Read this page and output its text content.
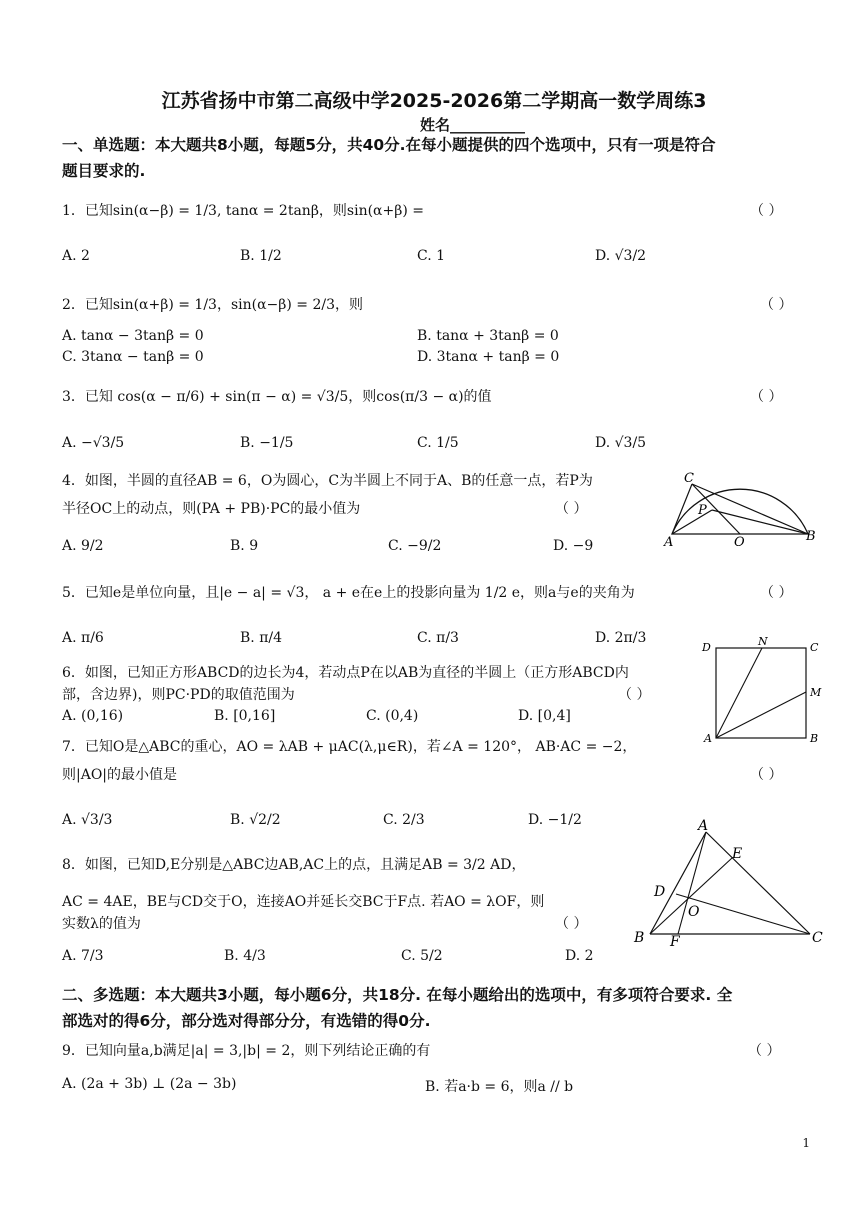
江苏省扬中市第二高级中学2025-2026第二学期高一数学周练3
姓名__________
一、单选题：本大题共8小题，每题5分，共40分.在每小题提供的四个选项中，只有一项是符合
题目要求的.
1．已知sin(α−β) = 1/3, tanα = 2tanβ，则sin(α+β) =	（ ）
A. 2	B. 1/2	C. 1	D. √3/2
2．已知sin(α+β) = 1/3，sin(α−β) = 2/3，则	（ ）
A. tanα − 3tanβ = 0	B. tanα + 3tanβ = 0
C. 3tanα − tanβ = 0	D. 3tanα + tanβ = 0
3．已知 cos(α − π/6) + sin(π − α) = √3/5，则cos(π/3 − α)的值	（ ）
A. −√3/5	B. −1/5	C. 1/5	D. √3/5
4．如图，半圆的直径AB = 6，O为圆心，C为半圆上不同于A、B的任意一点，若P为
半径OC上的动点，则(PA + PB)·PC的最小值为	（ ）
A. 9/2	B. 9	C. −9/2	D. −9
C
P
A	O	B
5．已知e是单位向量，且|e − a| = √3， a + e在e上的投影向量为 1/2 e，则a与e的夹角为	（ ）
A. π/6	B. π/4	C. π/3	D. 2π/3
6．如图，已知正方形ABCD的边长为4，若动点P在以AB为直径的半圆上（正方形ABCD内
部，含边界)，则PC·PD的取值范围为	（ ）
A. (0,16)	B. [0,16]	C. (0,4)	D. [0,4]
D	N	C
M
A	B
7．已知O是△ABC的重心，AO = λAB + μAC(λ,μ∈R)，若∠A = 120°， AB·AC = −2，
则|AO|的最小值是	（ ）
A. √3/3	B. √2/2	C. 2/3	D. −1/2
8．如图，已知D,E分别是△ABC边AB,AC上的点，且满足AB = 3/2 AD，
AC = 4AE，BE与CD交于O，连接AO并延长交BC于F点. 若AO = λOF，则
实数λ的值为	（ ）
A. 7/3	B. 4/3	C. 5/2	D. 2
A
E
D
O
B F	C
二、多选题：本大题共3小题，每小题6分，共18分. 在每小题给出的选项中，有多项符合要求. 全
部选对的得6分，部分选对得部分分，有选错的得0分.
9．已知向量a,b满足|a| = 3,|b| = 2，则下列结论正确的有	（ ）
A. (2a + 3b) ⊥ (2a − 3b)	B. 若a·b = 6，则a // b
1
